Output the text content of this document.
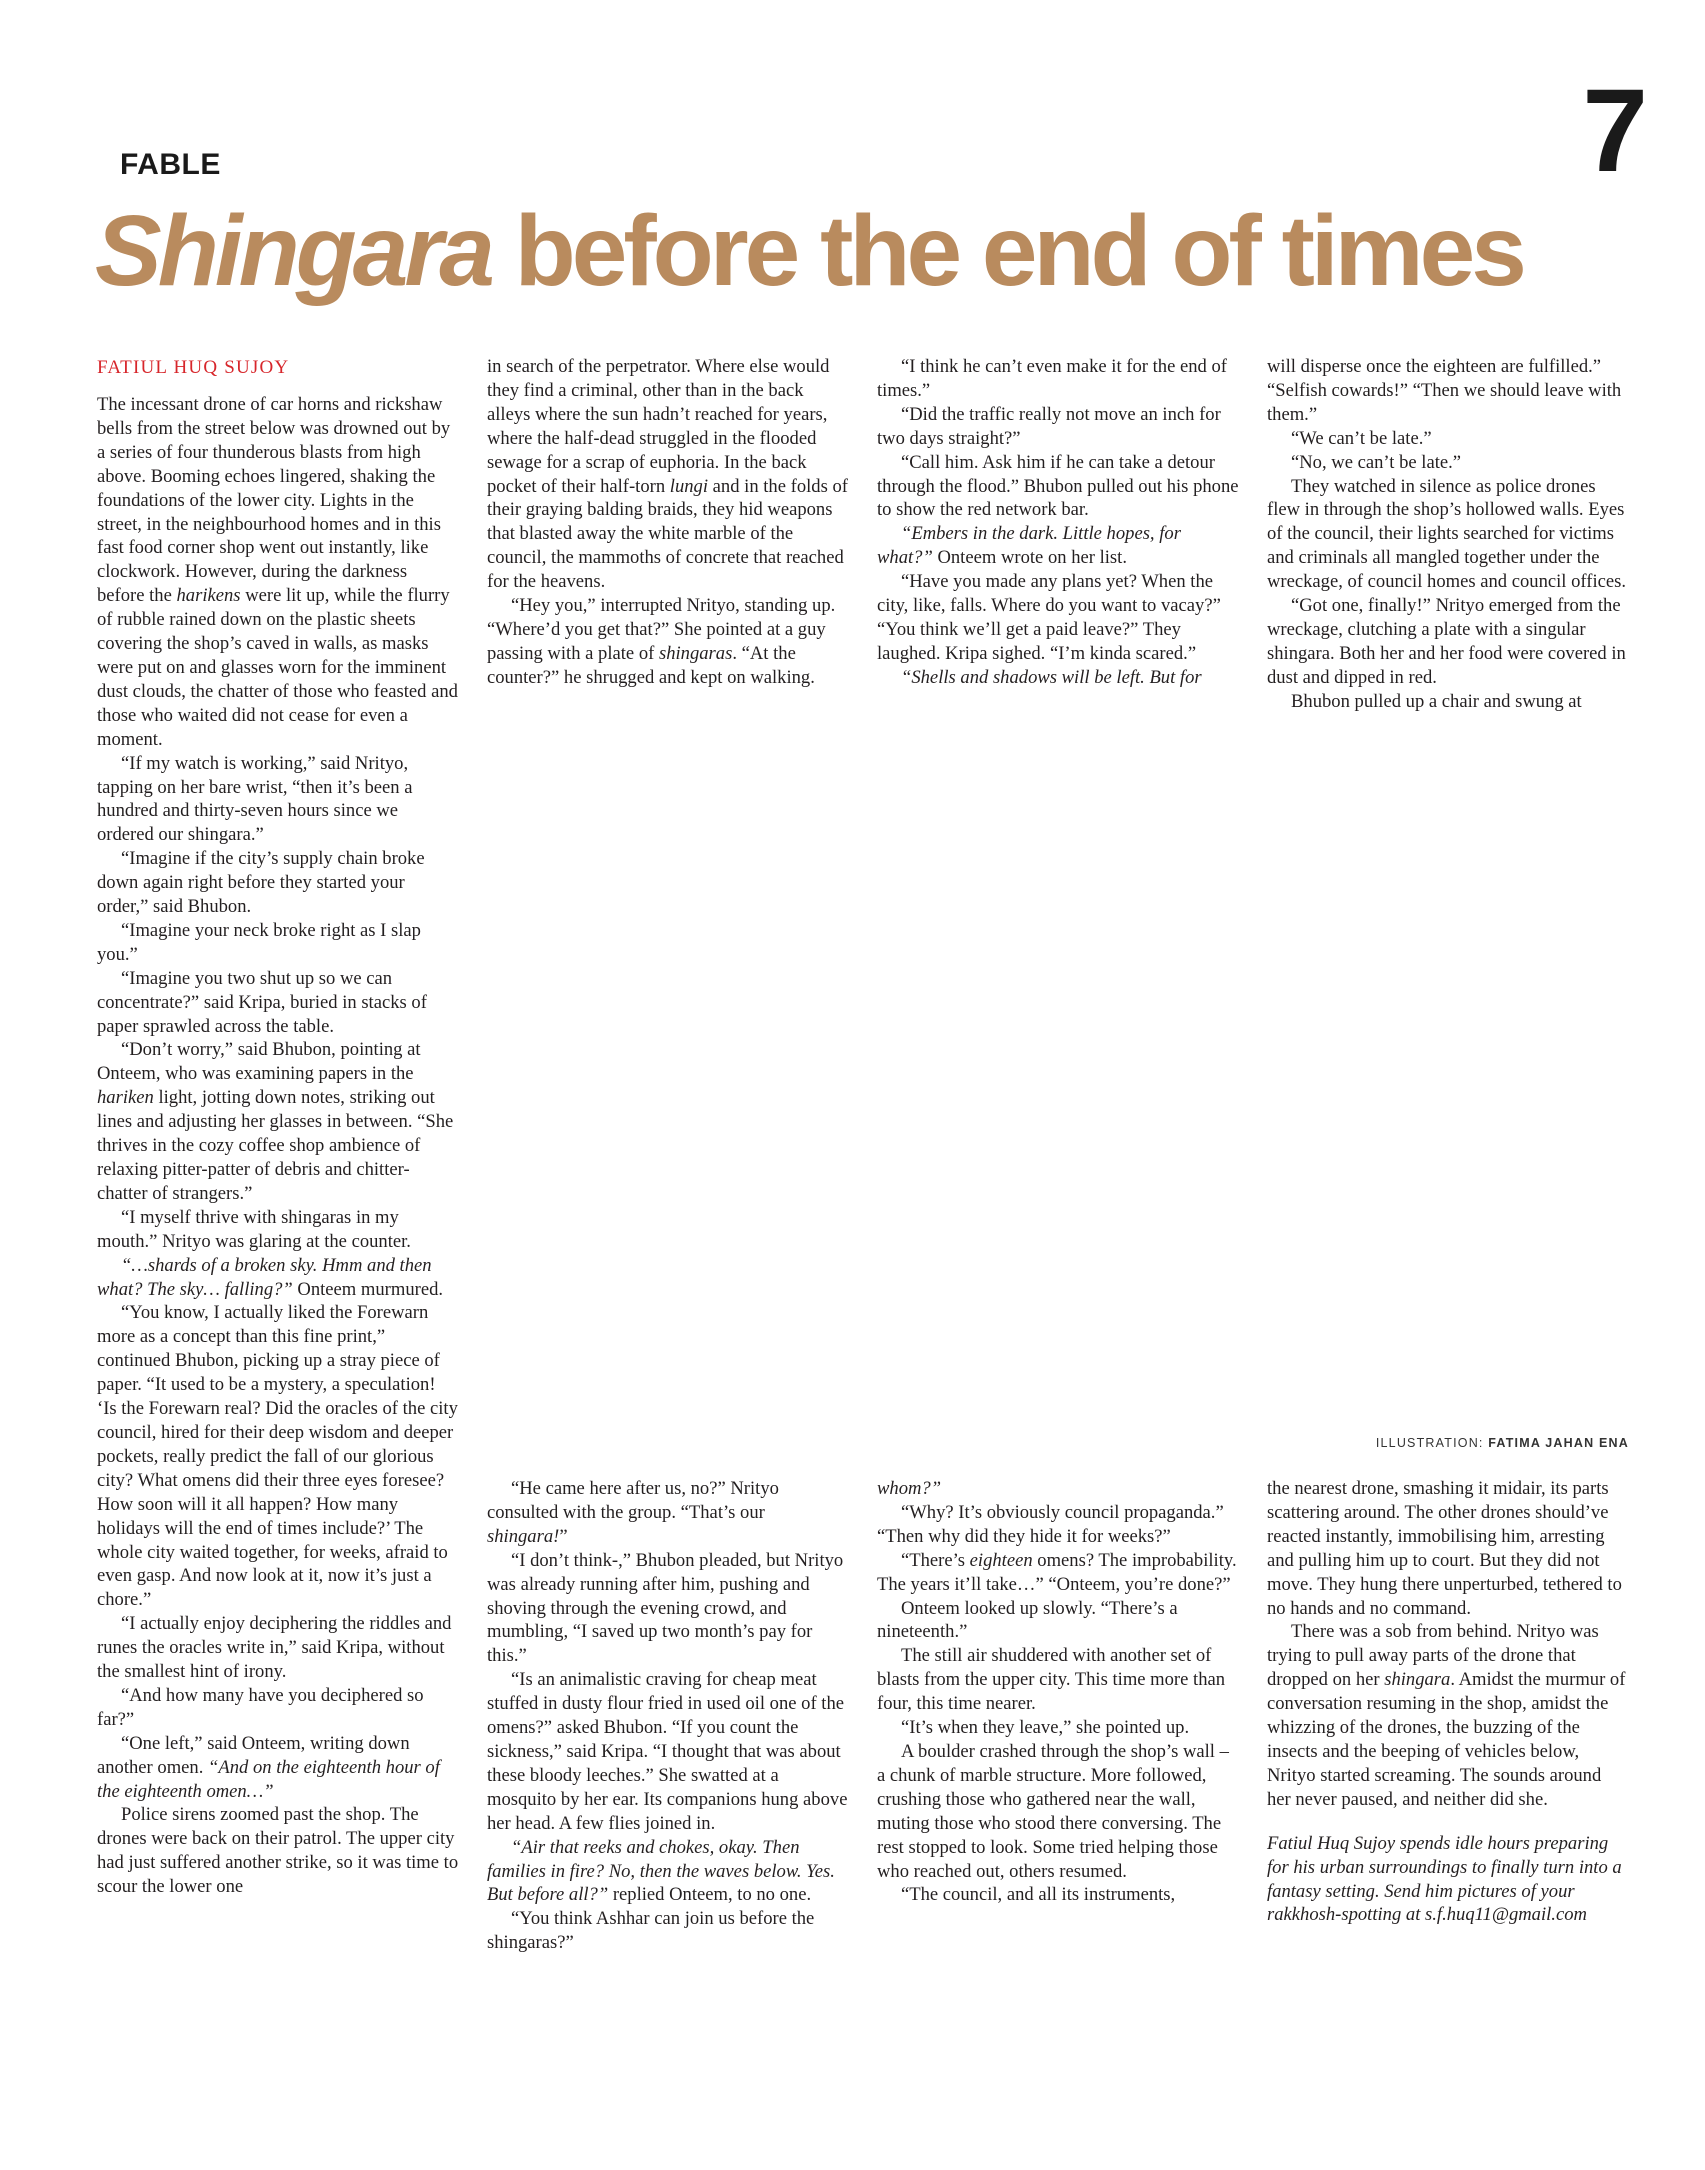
FABLE	7
Shingara before the end of times
FATIUL HUQ SUJOY

The incessant drone of car horns and rickshaw bells from the street below was drowned out by a series of four thunderous blasts from high above. Booming echoes lingered, shaking the foundations of the lower city. Lights in the street, in the neighbourhood homes and in this fast food corner shop went out instantly, like clockwork. However, during the darkness before the harikens were lit up, while the flurry of rubble rained down on the plastic sheets covering the shop’s caved in walls, as masks were put on and glasses worn for the imminent dust clouds, the chatter of those who feasted and those who waited did not cease for even a moment.

“If my watch is working,” said Nrityo, tapping on her bare wrist, “then it’s been a hundred and thirty-seven hours since we ordered our shingara.”

“Imagine if the city’s supply chain broke down again right before they started your order,” said Bhubon.

“Imagine your neck broke right as I slap you.”

“Imagine you two shut up so we can concentrate?” said Kripa, buried in stacks of paper sprawled across the table.

“Don’t worry,” said Bhubon, pointing at Onteem, who was examining papers in the hariken light, jotting down notes, striking out lines and adjusting her glasses in between. “She thrives in the cozy coffee shop ambience of relaxing pitter-patter of debris and chitter-chatter of strangers.”

“I myself thrive with shingaras in my mouth.” Nrityo was glaring at the counter.

“…shards of a broken sky. Hmm and then what? The sky… falling?” Onteem murmured.

“You know, I actually liked the Forewarn more as a concept than this fine print,” continued Bhubon, picking up a stray piece of paper. “It used to be a mystery, a speculation! ‘Is the Forewarn real? Did the oracles of the city council, hired for their deep wisdom and deeper pockets, really predict the fall of our glorious city? What omens did their three eyes foresee? How soon will it all happen? How many holidays will the end of times include?’ The whole city waited together, for weeks, afraid to even gasp. And now look at it, now it’s just a chore.”

“I actually enjoy deciphering the riddles and runes the oracles write in,” said Kripa, without the smallest hint of irony.

“And how many have you deciphered so far?”

“One left,” said Onteem, writing down another omen. “And on the eighteenth hour of the eighteenth omen…”

Police sirens zoomed past the shop. The drones were back on their patrol. The upper city had just suffered another strike, so it was time to scour the lower one

in search of the perpetrator. Where else would they find a criminal, other than in the back alleys where the sun hadn’t reached for years, where the half-dead struggled in the flooded sewage for a scrap of euphoria. In the back pocket of their half-torn lungi and in the folds of their graying balding braids, they hid weapons that blasted away the white marble of the council, the mammoths of concrete that reached for the heavens.

“Hey you,” interrupted Nrityo, standing up. “Where’d you get that?” She pointed at a guy passing with a plate of shingaras. “At the counter?” he shrugged and kept on walking.

“I think he can’t even make it for the end of times.”

“Did the traffic really not move an inch for two days straight?”

“Call him. Ask him if he can take a detour through the flood.” Bhubon pulled out his phone to show the red network bar.

“Embers in the dark. Little hopes, for what?” Onteem wrote on her list.

“Have you made any plans yet? When the city, like, falls. Where do you want to vacay?” “You think we’ll get a paid leave?” They laughed. Kripa sighed. “I’m kinda scared.”

“Shells and shadows will be left. But for

will disperse once the eighteen are fulfilled.” “Selfish cowards!” “Then we should leave with them.”

“We can’t be late.”

“No, we can’t be late.”

They watched in silence as police drones flew in through the shop’s hollowed walls. Eyes of the council, their lights searched for victims and criminals all mangled together under the wreckage, of council homes and council offices.

“Got one, finally!” Nrityo emerged from the wreckage, clutching a plate with a singular shingara. Both her and her food were covered in dust and dipped in red.

Bhubon pulled up a chair and swung at

ILLUSTRATION: FATIMA JAHAN ENA

“He came here after us, no?” Nrityo consulted with the group. “That’s our shingara!”

“I don’t think-,” Bhubon pleaded, but Nrityo was already running after him, pushing and shoving through the evening crowd, and mumbling, “I saved up two month’s pay for this.”

“Is an animalistic craving for cheap meat stuffed in dusty flour fried in used oil one of the omens?” asked Bhubon. “If you count the sickness,” said Kripa. “I thought that was about these bloody leeches.” She swatted at a mosquito by her ear. Its companions hung above her head. A few flies joined in.

“Air that reeks and chokes, okay. Then families in fire? No, then the waves below. Yes. But before all?” replied Onteem, to no one.

“You think Ashhar can join us before the shingaras?”

whom?”

“Why? It’s obviously council propaganda.” “Then why did they hide it for weeks?”

“There’s eighteen omens? The improbability. The years it’ll take…” “Onteem, you’re done?”

Onteem looked up slowly. “There’s a nineteenth.”

The still air shuddered with another set of blasts from the upper city. This time more than four, this time nearer.

“It’s when they leave,” she pointed up.

A boulder crashed through the shop’s wall – a chunk of marble structure. More followed, crushing those who gathered near the wall, muting those who stood there conversing. The rest stopped to look. Some tried helping those who reached out, others resumed.

“The council, and all its instruments,

the nearest drone, smashing it midair, its parts scattering around. The other drones should’ve reacted instantly, immobilising him, arresting and pulling him up to court. But they did not move. They hung there unperturbed, tethered to no hands and no command.

There was a sob from behind. Nrityo was trying to pull away parts of the drone that dropped on her shingara. Amidst the murmur of conversation resuming in the shop, amidst the whizzing of the drones, the buzzing of the insects and the beeping of vehicles below, Nrityo started screaming. The sounds around her never paused, and neither did she.

Fatiul Huq Sujoy spends idle hours preparing for his urban surroundings to finally turn into a fantasy setting. Send him pictures of your rakkhosh-spotting at s.f.huq11@gmail.com
